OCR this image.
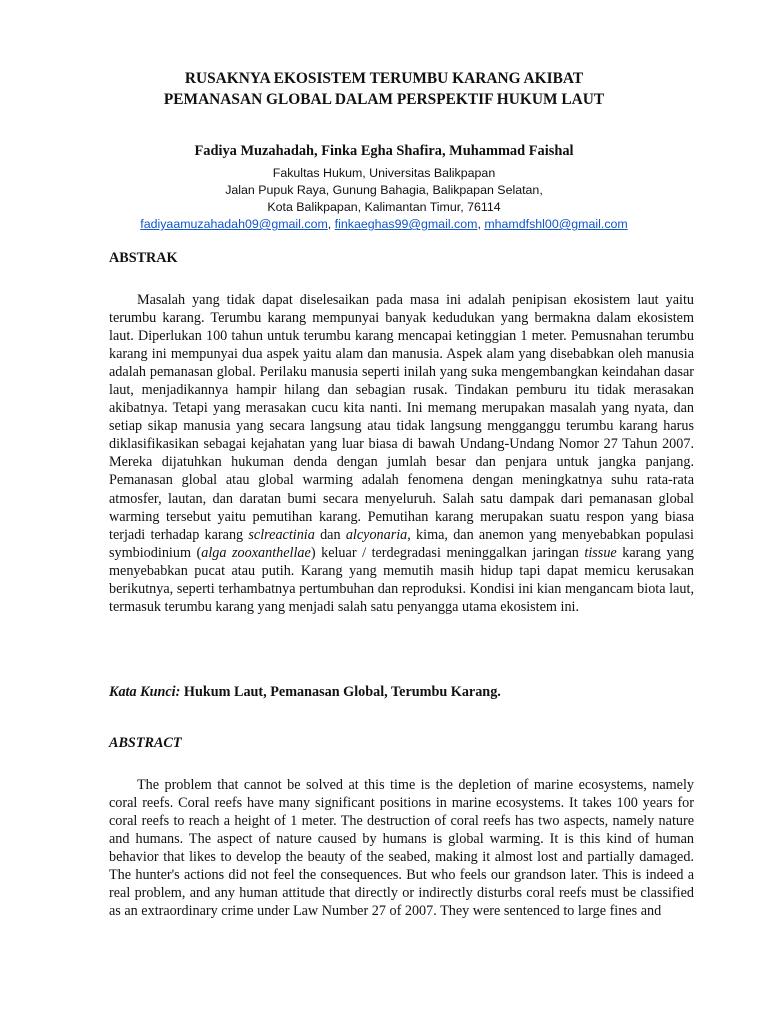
RUSAKNYA EKOSISTEM TERUMBU KARANG AKIBAT
PEMANASAN GLOBAL DALAM PERSPEKTIF HUKUM LAUT
Fadiya Muzahadah, Finka Egha Shafira, Muhammad Faishal
Fakultas Hukum, Universitas Balikpapan
Jalan Pupuk Raya, Gunung Bahagia, Balikpapan Selatan,
Kota Balikpapan, Kalimantan Timur, 76114
fadiyaamuzahadah09@gmail.com, finkaeghas99@gmail.com, mhamdfshl00@gmail.com
ABSTRAK

Masalah yang tidak dapat diselesaikan pada masa ini adalah penipisan ekosistem laut yaitu terumbu karang. Terumbu karang mempunyai banyak kedudukan yang bermakna dalam ekosistem laut. Diperlukan 100 tahun untuk terumbu karang mencapai ketinggian 1 meter. Pemusnahan terumbu karang ini mempunyai dua aspek yaitu alam dan manusia. Aspek alam yang disebabkan oleh manusia adalah pemanasan global. Perilaku manusia seperti inilah yang suka mengembangkan keindahan dasar laut, menjadikannya hampir hilang dan sebagian rusak. Tindakan pemburu itu tidak merasakan akibatnya. Tetapi yang merasakan cucu kita nanti. Ini memang merupakan masalah yang nyata, dan setiap sikap manusia yang secara langsung atau tidak langsung mengganggu terumbu karang harus diklasifikasikan sebagai kejahatan yang luar biasa di bawah Undang-Undang Nomor 27 Tahun 2007. Mereka dijatuhkan hukuman denda dengan jumlah besar dan penjara untuk jangka panjang. Pemanasan global atau global warming adalah fenomena dengan meningkatnya suhu rata-rata atmosfer, lautan, dan daratan bumi secara menyeluruh. Salah satu dampak dari pemanasan global warming tersebut yaitu pemutihan karang. Pemutihan karang merupakan suatu respon yang biasa terjadi terhadap karang sclreactinia dan alcyonaria, kima, dan anemon yang menyebabkan populasi symbiodinium (alga zooxanthellae) keluar / terdegradasi meninggalkan jaringan tissue karang yang menyebabkan pucat atau putih. Karang yang memutih masih hidup tapi dapat memicu kerusakan berikutnya, seperti terhambatnya pertumbuhan dan reproduksi. Kondisi ini kian mengancam biota laut, termasuk terumbu karang yang menjadi salah satu penyangga utama ekosistem ini.

Kata Kunci: Hukum Laut, Pemanasan Global, Terumbu Karang.
ABSTRACT

The problem that cannot be solved at this time is the depletion of marine ecosystems, namely coral reefs. Coral reefs have many significant positions in marine ecosystems. It takes 100 years for coral reefs to reach a height of 1 meter. The destruction of coral reefs has two aspects, namely nature and humans. The aspect of nature caused by humans is global warming. It is this kind of human behavior that likes to develop the beauty of the seabed, making it almost lost and partially damaged. The hunter's actions did not feel the consequences. But who feels our grandson later. This is indeed a real problem, and any human attitude that directly or indirectly disturbs coral reefs must be classified as an extraordinary crime under Law Number 27 of 2007. They were sentenced to large fines and
